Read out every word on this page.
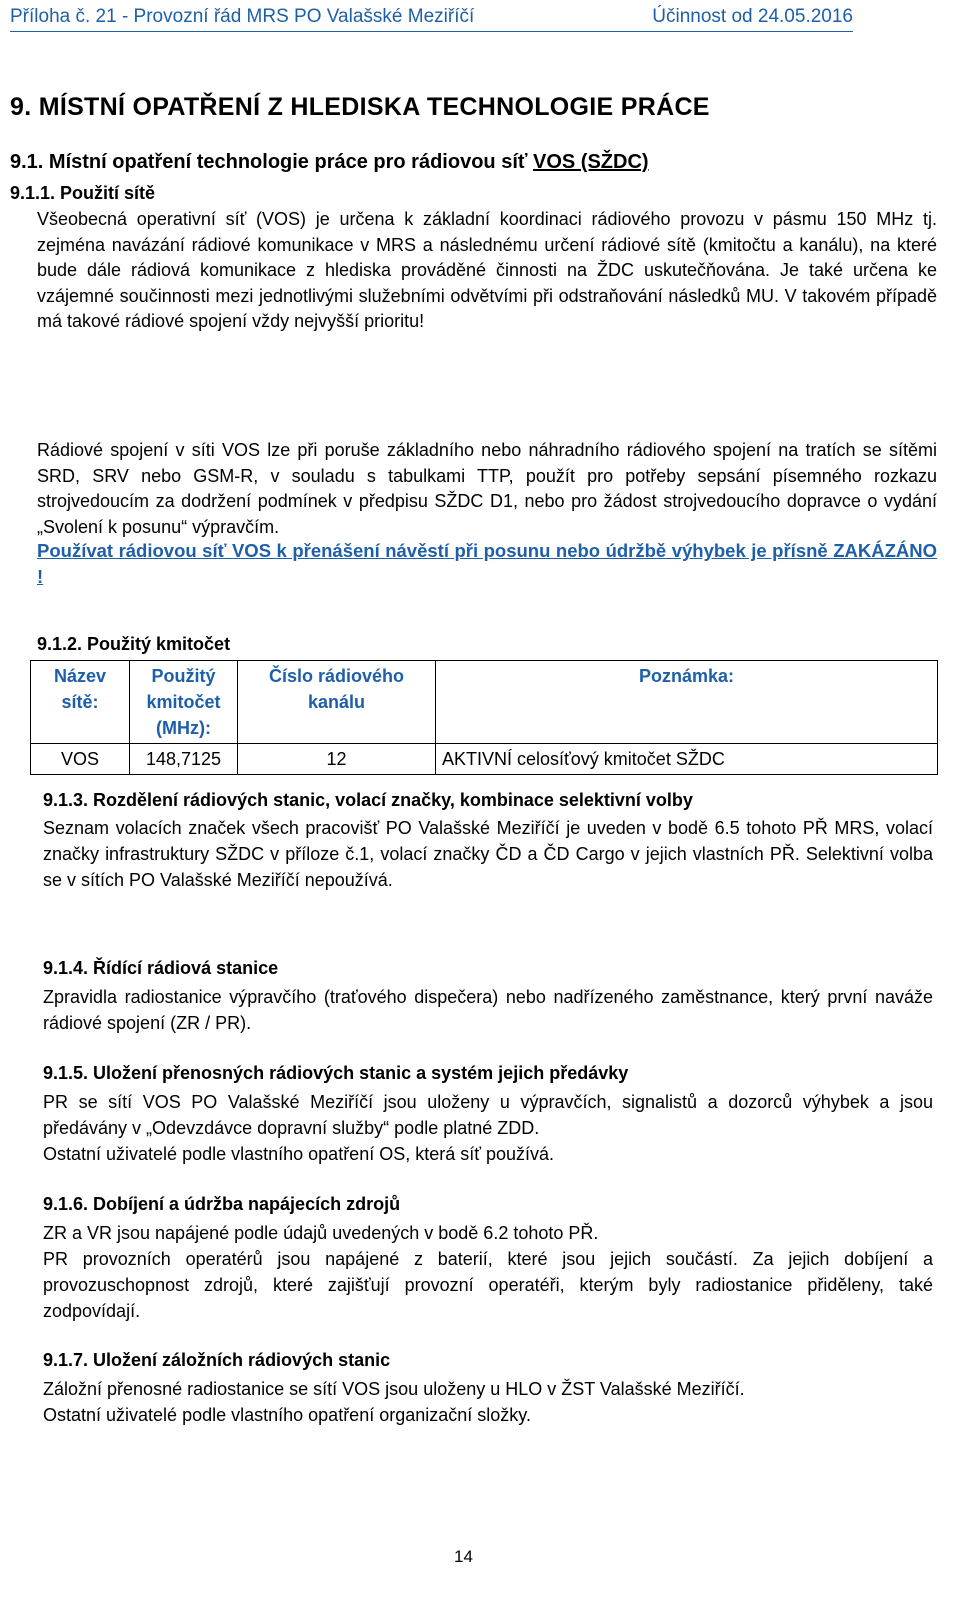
Příloha č. 21 - Provozní řád MRS PO Valašské Meziříčí	Účinnost od 24.05.2016
9. MÍSTNÍ OPATŘENÍ Z HLEDISKA TECHNOLOGIE PRÁCE
9.1. Místní opatření technologie práce pro rádiovou síť VOS (SŽDC)
9.1.1. Použití sítě
Všeobecná operativní síť (VOS) je určena k základní koordinaci rádiového provozu v pásmu 150 MHz tj. zejména navázání rádiové komunikace v MRS a následnému určení rádiové sítě (kmitočtu a kanálu), na které bude dále rádiová komunikace z hlediska prováděné činnosti na ŽDC uskutečňována. Je také určena ke vzájemné součinnosti mezi jednotlivými služebními odvětvími při odstraňování následků MU. V takovém případě má takové rádiové spojení vždy nejvyšší prioritu!
Rádiové spojení v síti VOS lze při poruše základního nebo náhradního rádiového spojení na tratích se sítěmi SRD, SRV nebo GSM-R, v souladu s tabulkami TTP, použít pro potřeby sepsání písemného rozkazu strojvedoucím za dodržení podmínek v předpisu SŽDC D1, nebo pro žádost strojvedoucího dopravce o vydání „Svolení k posunu“ výpravčím.
Používat rádiovou síť VOS k přenášení návěstí při posunu nebo údržbě výhybek je přísně ZAKÁZÁNO !
9.1.2. Použitý kmitočet
Název sítě:	Použitý kmitočet (MHz):	Číslo rádiového kanálu	Poznámka:
VOS	148,7125	12	AKTIVNÍ celosíťový kmitočet SŽDC
9.1.3. Rozdělení rádiových stanic, volací značky, kombinace selektivní volby
Seznam volacích značek všech pracovišť PO Valašské Meziříčí je uveden v bodě 6.5 tohoto PŘ MRS, volací značky infrastruktury SŽDC v příloze č.1, volací značky ČD a ČD Cargo v jejich vlastních PŘ. Selektivní volba se v sítích PO Valašské Meziříčí nepoužívá.
9.1.4. Řídící rádiová stanice
Zpravidla radiostanice výpravčího (traťového dispečera) nebo nadřízeného zaměstnance, který první naváže rádiové spojení (ZR / PR).
9.1.5. Uložení přenosných rádiových stanic a systém jejich předávky
PR se sítí VOS PO Valašské Meziříčí jsou uloženy u výpravčích, signalistů a dozorců výhybek a jsou předávány v „Odevzdávce dopravní služby“ podle platné ZDD.
Ostatní uživatelé podle vlastního opatření OS, která síť používá.
9.1.6. Dobíjení a údržba napájecích zdrojů
ZR a VR jsou napájené podle údajů uvedených v bodě 6.2 tohoto PŘ.
PR provozních operatérů jsou napájené z baterií, které jsou jejich součástí. Za jejich dobíjení a provozuschopnost zdrojů, které zajišťují provozní operatéři, kterým byly radiostanice přiděleny, také zodpovídají.
9.1.7. Uložení záložních rádiových stanic
Záložní přenosné radiostanice se sítí VOS jsou uloženy u HLO v ŽST Valašské Meziříčí.
Ostatní uživatelé podle vlastního opatření organizační složky.
14
